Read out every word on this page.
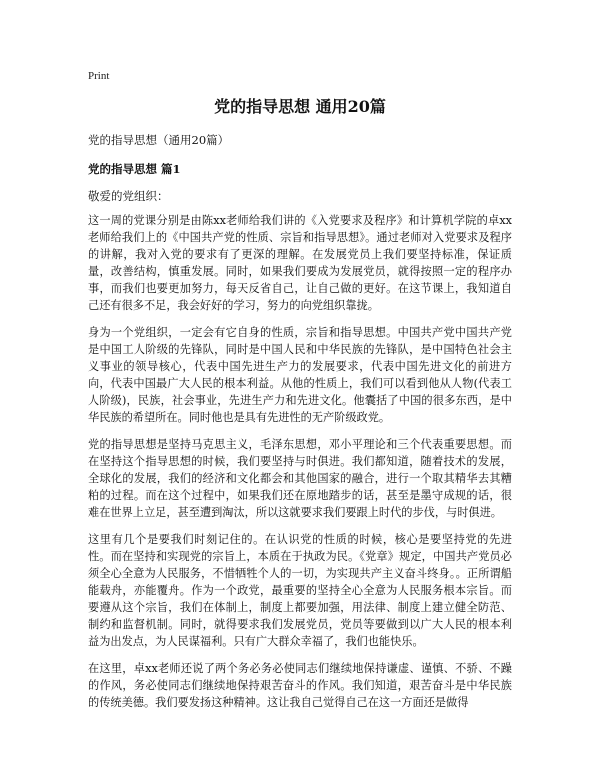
Print
党的指导思想 通用20篇

党的指导思想（通用20篇）

党的指导思想 篇1

敬爱的党组织：

这一周的党课分别是由陈xx老师给我们讲的《入党要求及程序》和计算机学院的卓xx老师给我们上的《中国共产党的性质、宗旨和指导思想》。通过老师对入党要求及程序的讲解，我对入党的要求有了更深的理解。在发展党员上我们要坚持标准，保证质量，改善结构，慎重发展。同时，如果我们要成为发展党员，就得按照一定的程序办事，而我们也要更加努力，每天反省自己，让自己做的更好。在这节课上，我知道自己还有很多不足，我会好好的学习，努力的向党组织靠拢。

身为一个党组织，一定会有它自身的性质，宗旨和指导思想。中国共产党中国共产党是中国工人阶级的先锋队，同时是中国人民和中华民族的先锋队，是中国特色社会主义事业的领导核心，代表中国先进生产力的发展要求，代表中国先进文化的前进方向，代表中国最广大人民的根本利益。从他的性质上，我们可以看到他从人物(代表工人阶级)，民族，社会事业，先进生产力和先进文化。他囊括了中国的很多东西，是中华民族的希望所在。同时他也是具有先进性的无产阶级政党。

党的指导思想是坚持马克思主义，毛泽东思想，邓小平理论和三个代表重要思想。而在坚持这个指导思想的时候，我们要坚持与时俱进。我们都知道，随着技术的发展，全球化的发展，我们的经济和文化都会和其他国家的融合，进行一个取其精华去其糟粕的过程。而在这个过程中，如果我们还在原地踏步的话，甚至是墨守成规的话，很难在世界上立足，甚至遭到淘汰，所以这就要求我们要跟上时代的步伐，与时俱进。

这里有几个是要我们时刻记住的。在认识党的性质的时候，核心是要坚持党的先进性。而在坚持和实现党的宗旨上，本质在于执政为民。《党章》规定，中国共产党员必须全心全意为人民服务，不惜牺牲个人的一切，为实现共产主义奋斗终身。。正所谓船能载舟，亦能覆舟。作为一个政党，最重要的坚持全心全意为人民服务根本宗旨。而要遵从这个宗旨，我们在体制上，制度上都要加强，用法律、制度上建立健全防范、制约和监督机制。同时，就得要求我们发展党员，党员等要做到以广大人民的根本利益为出发点，为人民谋福利。只有广大群众幸福了，我们也能快乐。

在这里，卓xx老师还说了两个务必务必使同志们继续地保持谦虚、谨慎、不骄、不躁的作风，务必使同志们继续地保持艰苦奋斗的作风。我们知道，艰苦奋斗是中华民族的传统美德。我们要发扬这种精神。这让我自己觉得自己在这一方面还是做得
